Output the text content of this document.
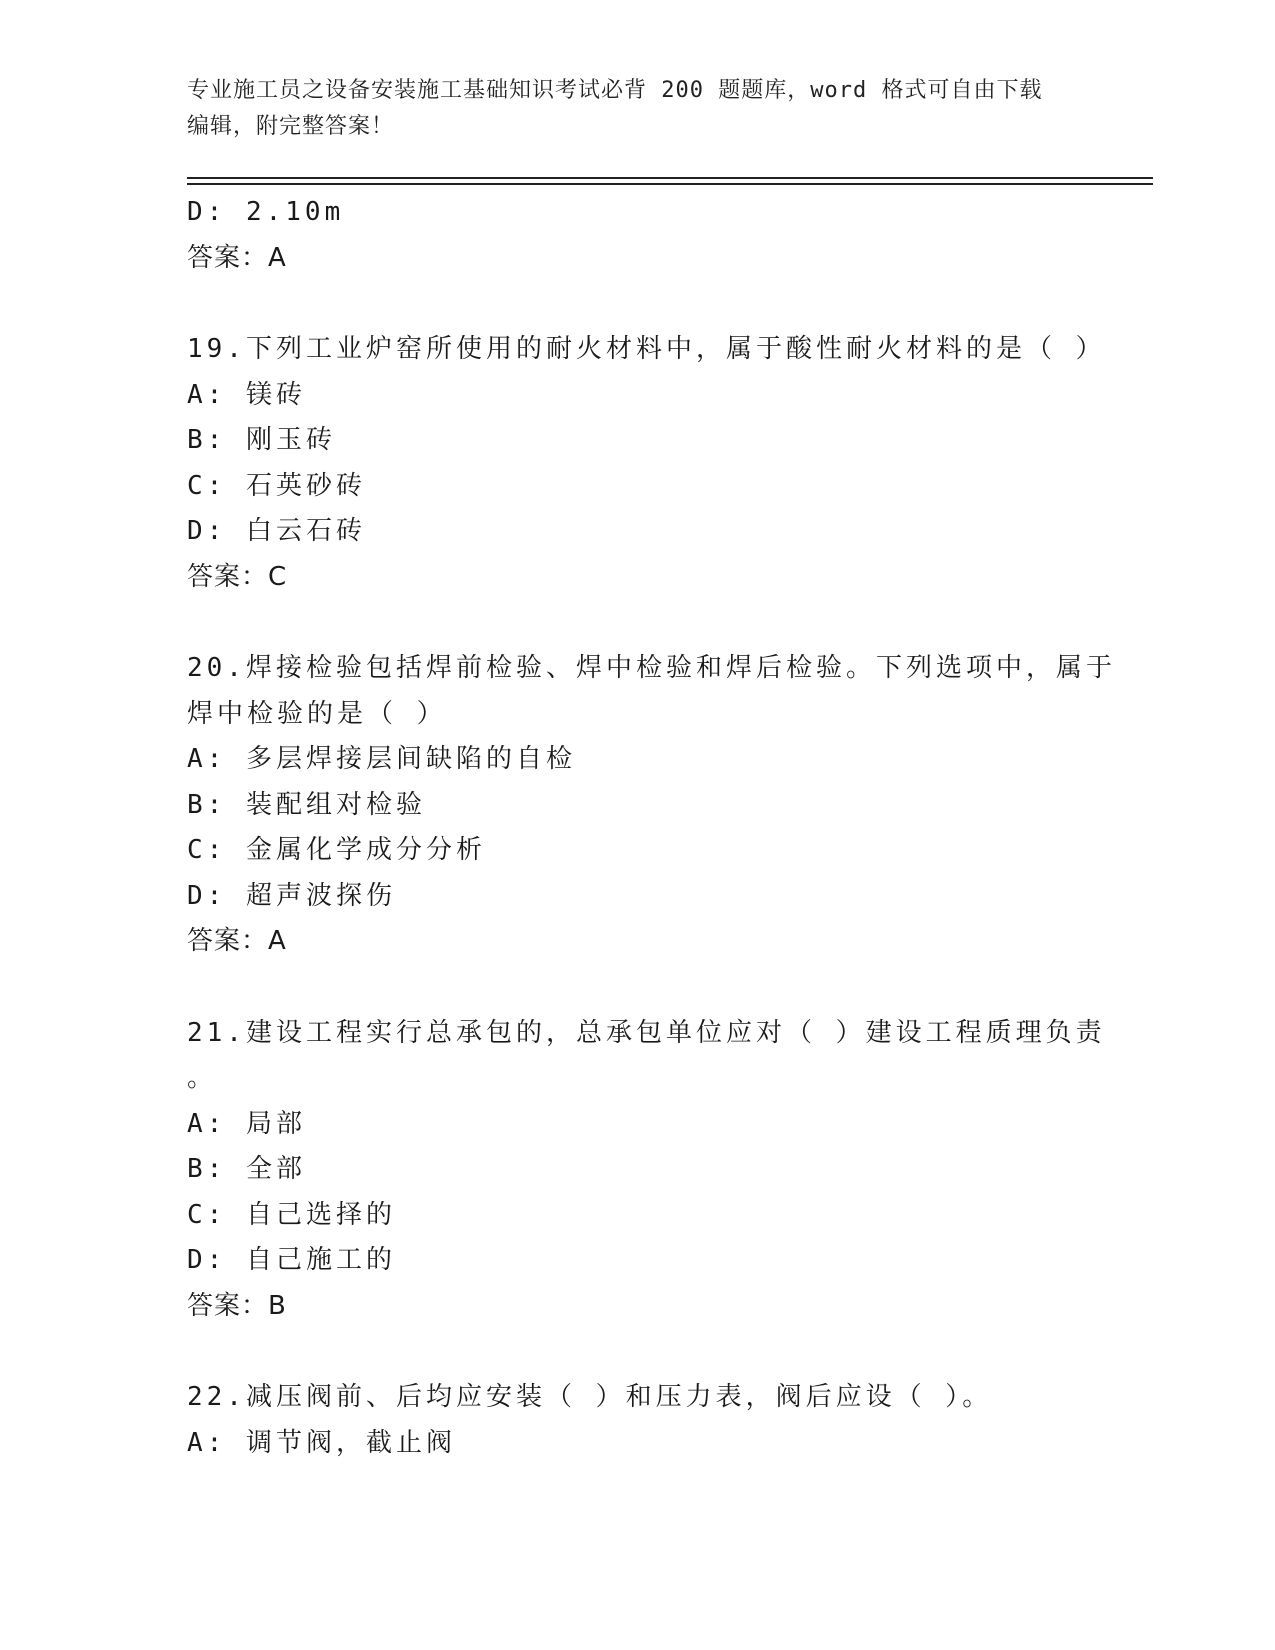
专业施工员之设备安装施工基础知识考试必背 200 题题库，word 格式可自由下载
编辑，附完整答案！
D: 2.10m
答案：A
19.下列工业炉窑所使用的耐火材料中，属于酸性耐火材料的是（ ）
A: 镁砖
B: 刚玉砖
C: 石英砂砖
D: 白云石砖
答案：C
20.焊接检验包括焊前检验、焊中检验和焊后检验。下列选项中，属于
焊中检验的是（ ）
A: 多层焊接层间缺陷的自检
B: 装配组对检验
C: 金属化学成分分析
D: 超声波探伤
答案：A
21.建设工程实行总承包的，总承包单位应对（ ）建设工程质理负责
。
A: 局部
B: 全部
C: 自己选择的
D: 自己施工的
答案：B
22.减压阀前、后均应安装（ ）和压力表，阀后应设（ ）。
A: 调节阀，截止阀
